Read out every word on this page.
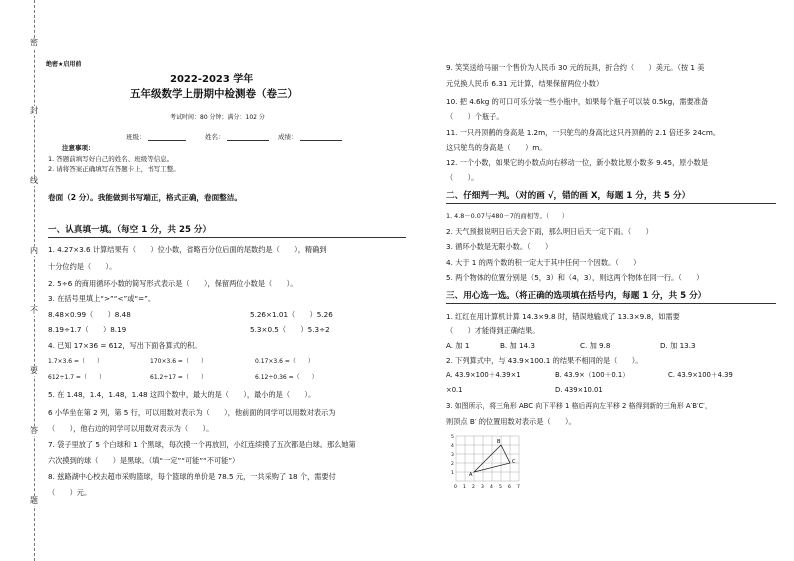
密
封
线
内
不
要
答
题
绝密★启用前
2022-2023 学年
五年级数学上册期中检测卷（卷三）
考试时间：80 分钟；满分：102 分
班级：	姓名：	成绩：
注意事项：
1. 答题前填写好自己的姓名、班级等信息。
2. 请将答案正确填写在答题卡上，书写工整。
卷面（2 分）。我能做到书写端正，格式正确，卷面整洁。
一、认真填一填。（每空 1 分，共 25 分）
1. 4.27×3.6 计算结果有（　　）位小数，省略百分位后面的尾数约是（　　），精确到
十分位约是（　　）。
2. 5÷6 的商用循环小数的简写形式表示是（　　），保留两位小数是（　　）。
3. 在括号里填上“>”“<”或“=”。
8.48×0.99（　　）8.48	5.26×1.01（　　）5.26
8.19÷1.7（　　）8.19	5.3×0.5（　　）5.3÷2
4. 已知 17×36 = 612，写出下面各算式的积。
1.7×3.6 =（　　）	170×3.6 =（　　）	0.17×3.6 =（　　）
612÷1.7 =（　　）	61.2÷17 =（　　）	6.12÷0.36 =（　　）
5. 在 1.48，1.4，1.48，1.48 这四个数中，最大的是（　　），最小的是（　　）。
6 小华坐在第 2 列，第 5 行，可以用数对表示为（　　），他前面的同学可以用数对表示为
（　　），他右边的同学可以用数对表示为（　　）。
7. 袋子里放了 5 个白球和 1 个黑球，每次摸一个再放回，小红连续摸了五次都是白球。那么她第
六次摸到的球（　　）是黑球。（填“一定”“可能”“不可能”）
8. 兹路湖中心校去超市采购篮球，每个篮球的单价是 78.5 元，一共采购了 18 个，需要付
（　　）元。
9. 笑笑送给马丽一个售价为人民币 30 元的玩具，折合约（　　）美元。（按 1 美
元兑换人民币 6.31 元计算，结果保留两位小数）
10. 把 4.6kg 的可口可乐分装一些小瓶中，如果每个瓶子可以装 0.5kg，需要准备
（　　）个瓶子。
11. 一只丹顶鹤的身高是 1.2m，一只鸵鸟的身高比这只丹顶鹤的 2.1 倍还多 24cm。
这只鸵鸟的身高是（　　）m。
12. 一个小数，如果它的小数点向右移动一位，新小数比原小数多 9.45，原小数是
（　　）。
二、仔细判一判。（对的画 √，错的画 X，每题 1 分，共 5 分）
1. 4.8－0.07与480－7的商相等。（　　）
2. 天气预报说明日后天会下雨，那么明日后天一定下雨。（　　）
3. 循环小数是无限小数。（　　）
4. 大于 1 的两个数的积一定大于其中任何一个因数。（　　）
5. 两个物体的位置分别是（5，3）和（4，3），则这两个物体在同一行。（　　）
三、用心选一选。（将正确的选项填在括号内，每题 1 分，共 5 分）
1. 红红在用计算机计算 14.3×9.8 时，错误地输成了 13.3×9.8，如需要
（　　）才能得到正确结果。
A. 加 1	B. 加 14.3	C. 加 9.8	D. 加 13.3
2. 下列算式中，与 43.9×100.1 的结果不相同的是（　　）。
A. 43.9×100＋4.39×1	B. 43.9×（100＋0.1）	C. 43.9×100＋4.39
×0.1	D. 439×10.01
3. 如图所示，将三角形 ABC 向下平移 1 格后再向左平移 2 格得到新的三角形 A′B′C′，
则顶点 B′ 的位置用数对表示是（　　）。
A
B
C
0 1 2 3 4 5 6 7
1
2
3
4
5
